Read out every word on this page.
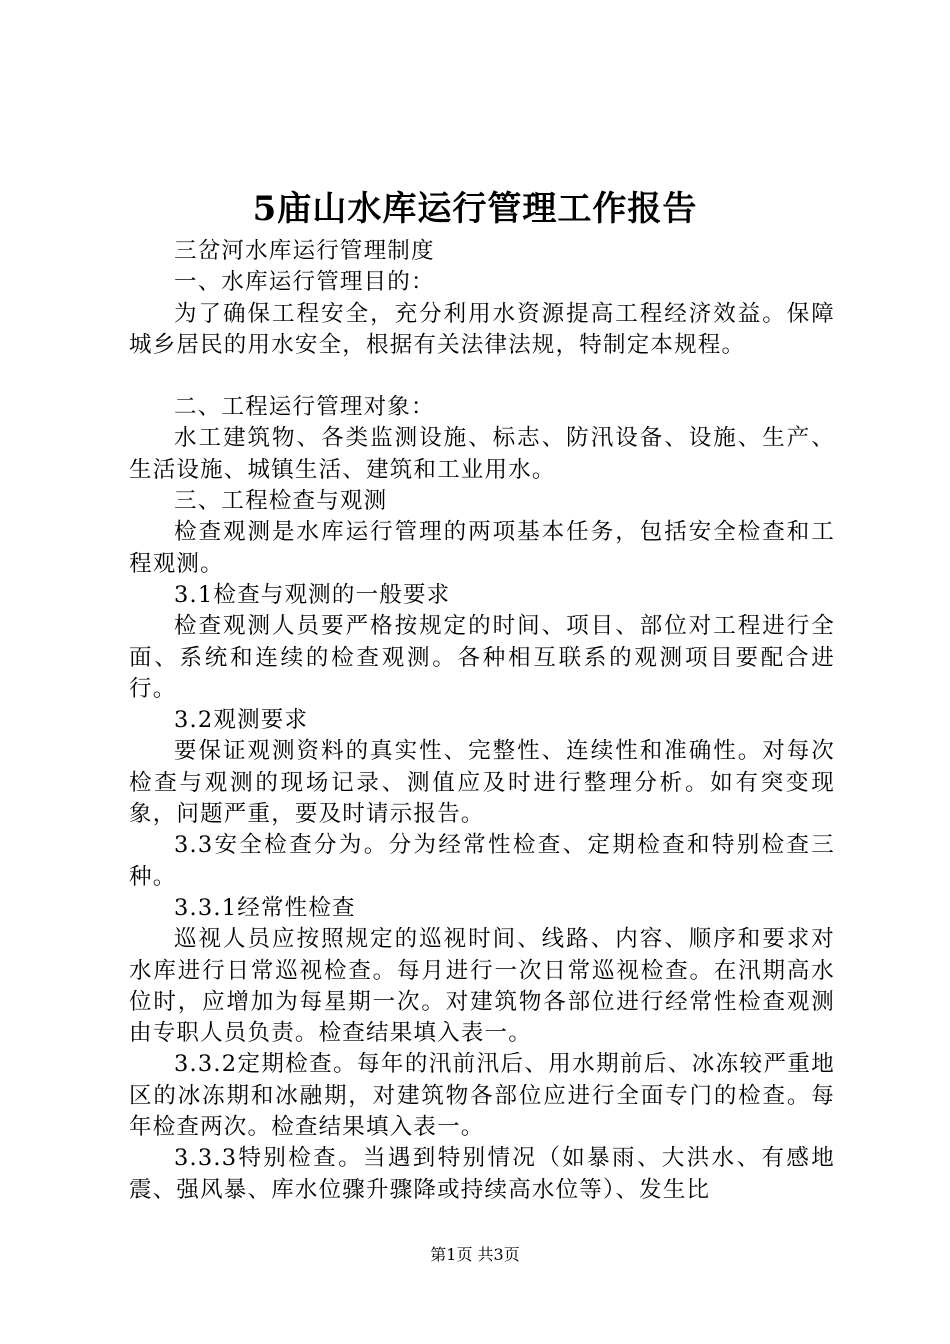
5庙山水库运行管理工作报告

三岔河水库运行管理制度

一、水库运行管理目的：

为了确保工程安全，充分利用水资源提高工程经济效益。保障城乡居民的用水安全，根据有关法律法规，特制定本规程。

二、工程运行管理对象：

水工建筑物、各类监测设施、标志、防汛设备、设施、生产、生活设施、城镇生活、建筑和工业用水。

三、工程检查与观测

检查观测是水库运行管理的两项基本任务，包括安全检查和工程观测。

3.1检查与观测的一般要求

检查观测人员要严格按规定的时间、项目、部位对工程进行全面、系统和连续的检查观测。各种相互联系的观测项目要配合进行。

3.2观测要求

要保证观测资料的真实性、完整性、连续性和准确性。对每次检查与观测的现场记录、测值应及时进行整理分析。如有突变现象，问题严重，要及时请示报告。

3.3安全检查分为。分为经常性检查、定期检查和特别检查三种。

3.3.1经常性检查

巡视人员应按照规定的巡视时间、线路、内容、顺序和要求对水库进行日常巡视检查。每月进行一次日常巡视检查。在汛期高水位时，应增加为每星期一次。对建筑物各部位进行经常性检查观测由专职人员负责。检查结果填入表一。

3.3.2定期检查。每年的汛前汛后、用水期前后、冰冻较严重地区的冰冻期和冰融期，对建筑物各部位应进行全面专门的检查。每年检查两次。检查结果填入表一。

3.3.3特别检查。当遇到特别情况（如暴雨、大洪水、有感地震、强风暴、库水位骤升骤降或持续高水位等）、发生比

第1页 共3页
